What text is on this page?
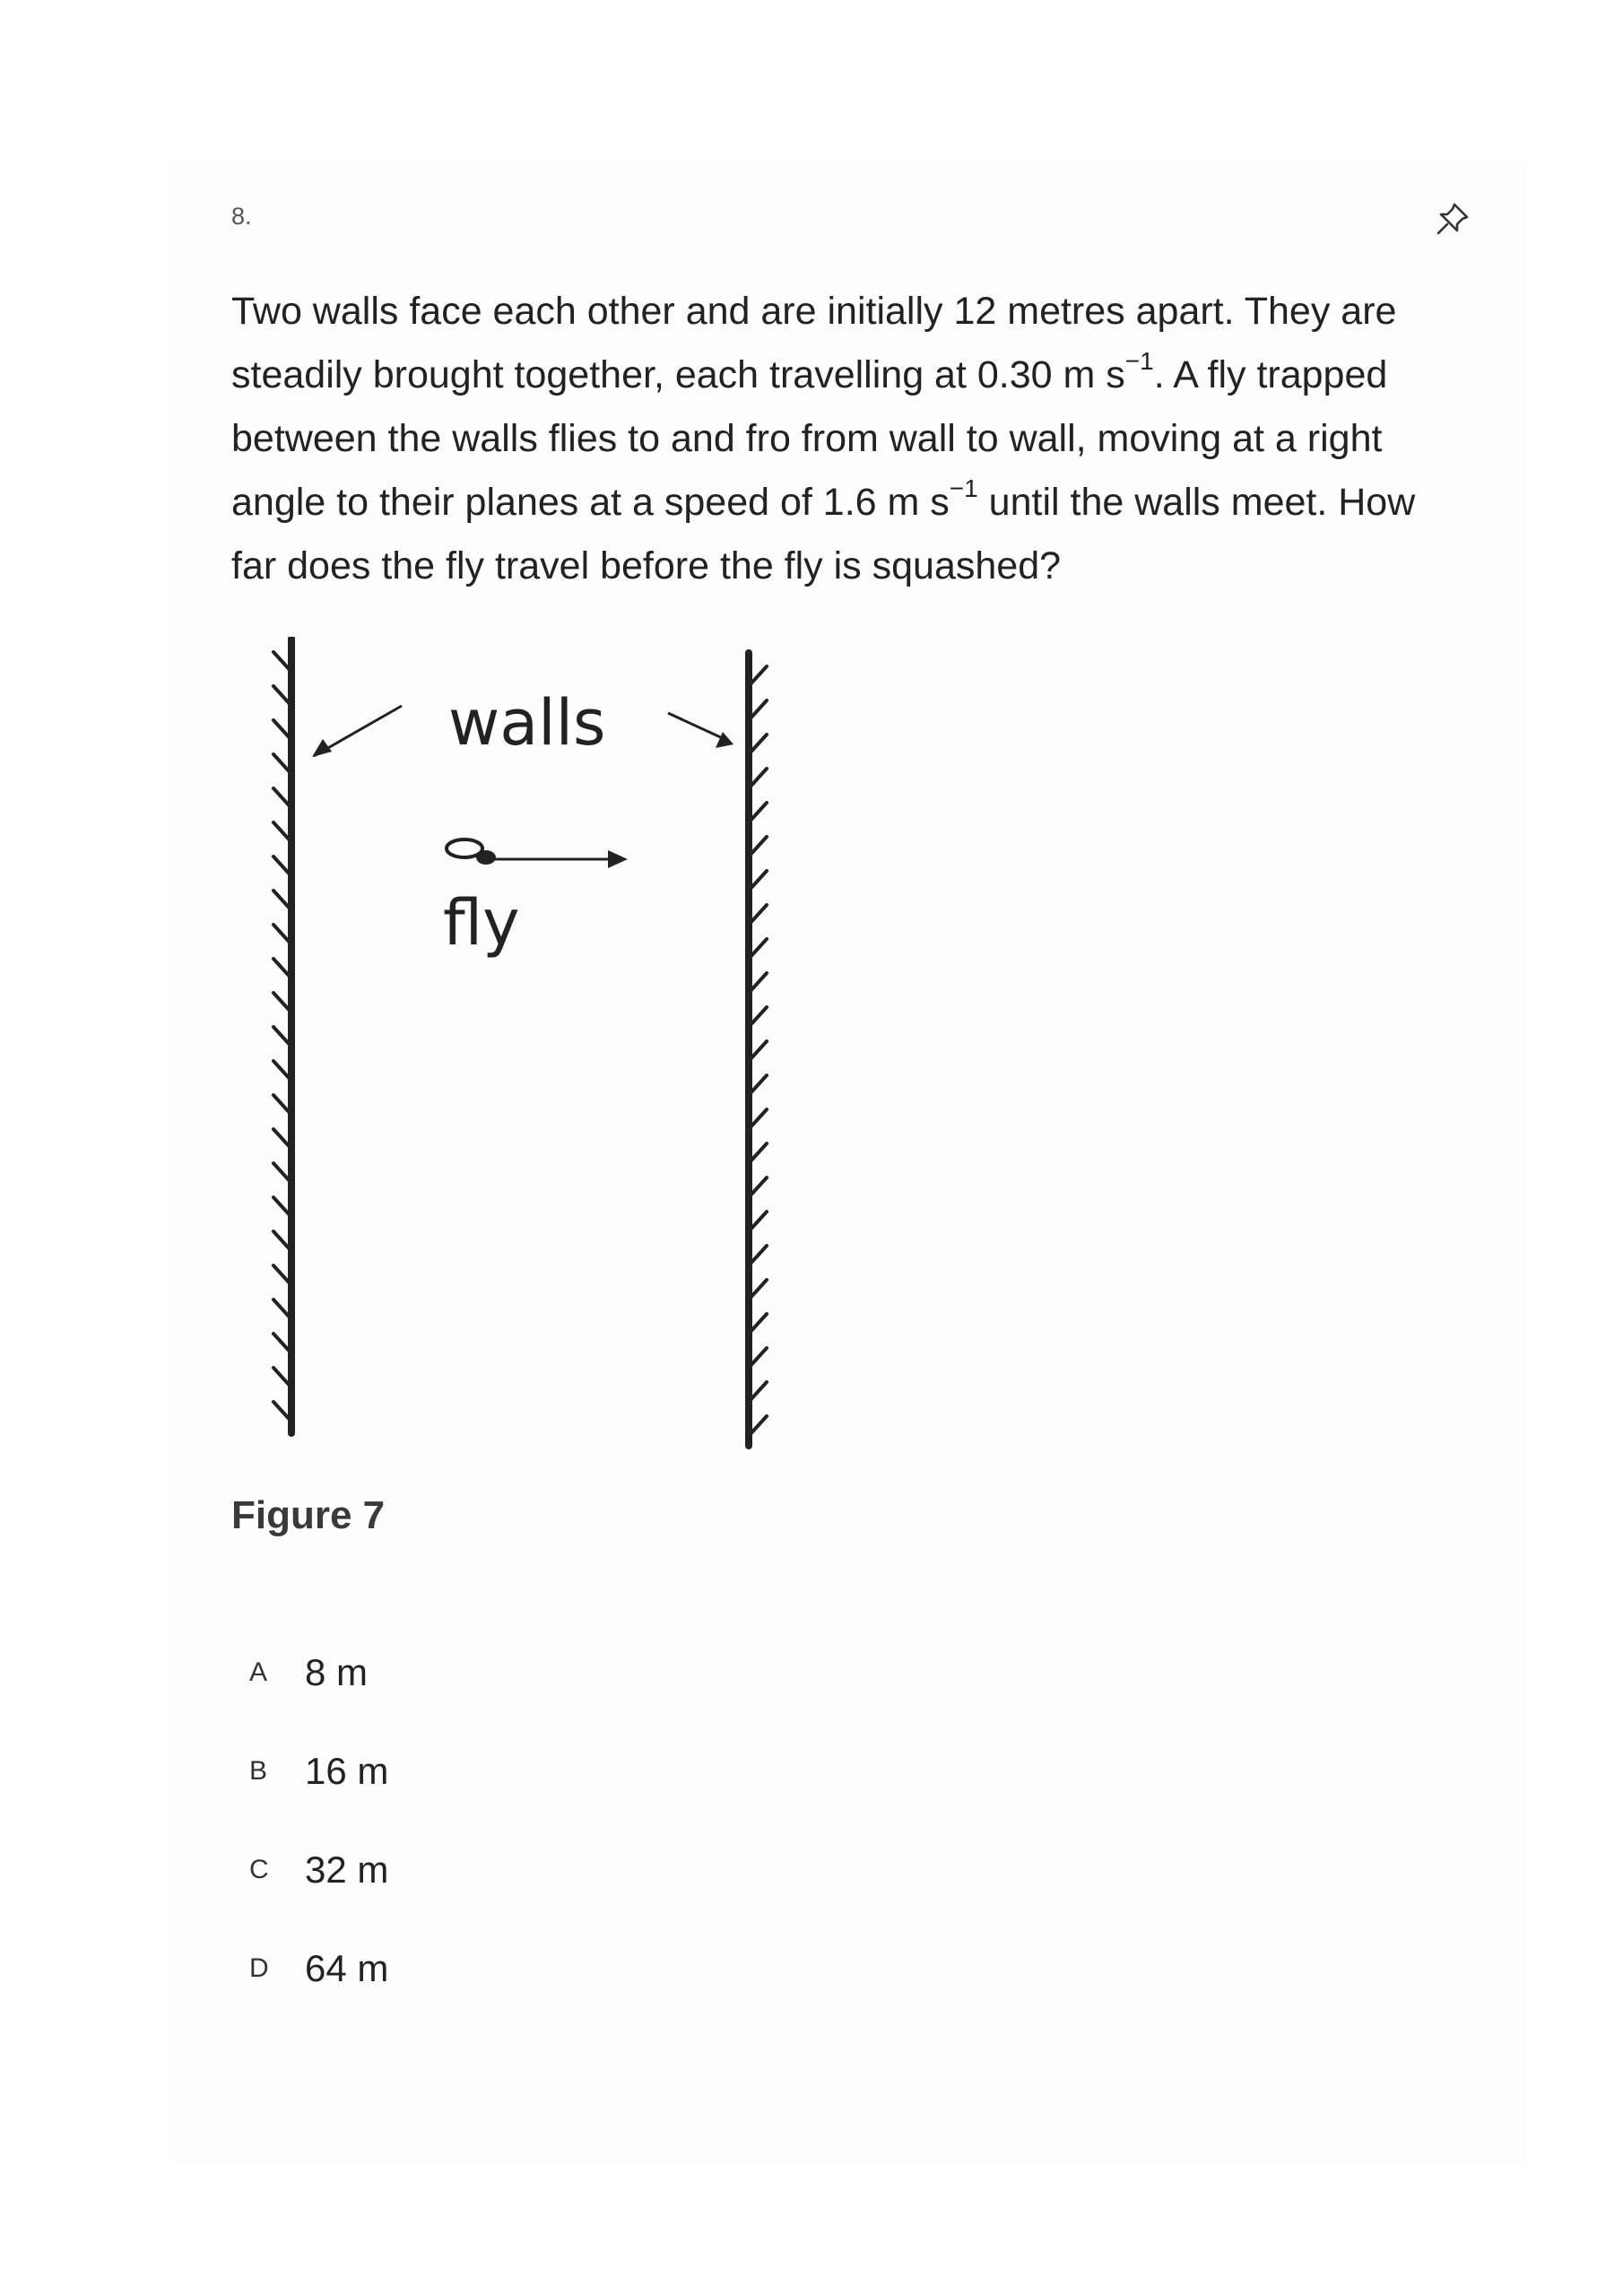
8.
Two walls face each other and are initially 12 metres apart. They are
steadily brought together, each travelling at 0.30 m $s^{-1}$. A fly trapped
between the walls flies to and fro from wall to wall, moving at a right
angle to their planes at a speed of 1.6 m $s^{-1}$ until the walls meet. How
far does the fly travel before the fly is squashed?
walls
fly
Figure 7
A 8 m
B 16 m
C 32 m
D 64 m
